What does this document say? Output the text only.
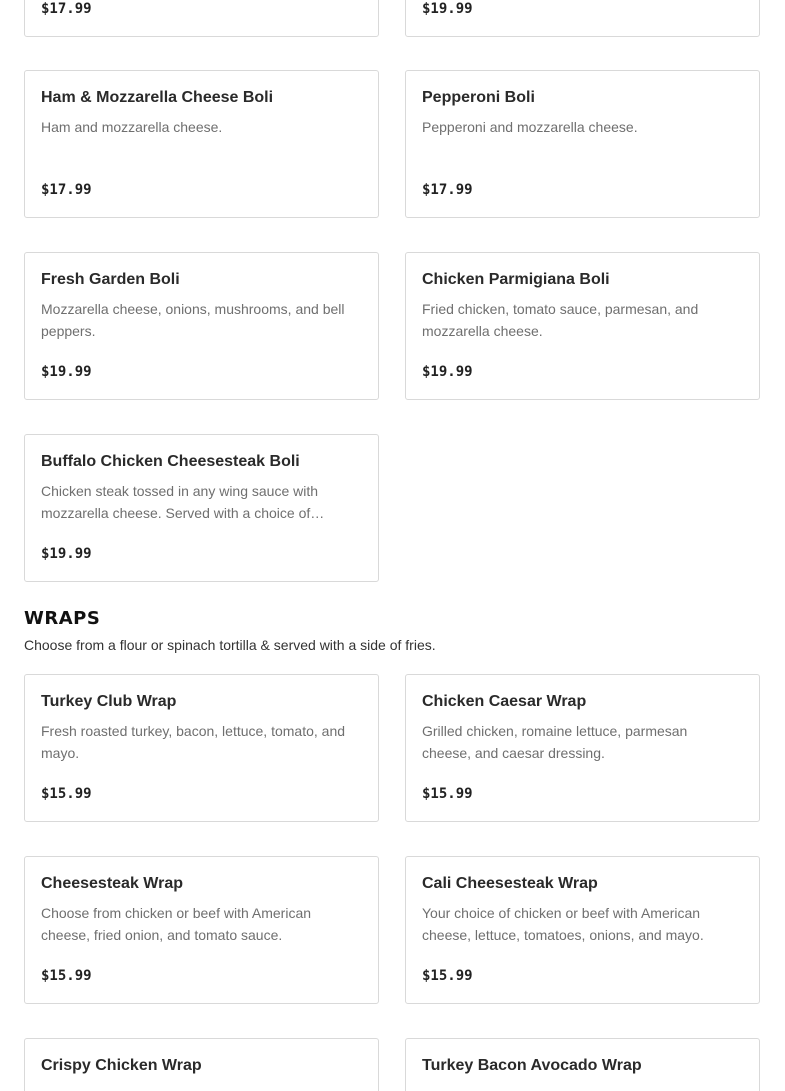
$17.99	$19.99
Ham & Mozzarella Cheese Boli
Ham and mozzarella cheese.
$17.99
Pepperoni Boli
Pepperoni and mozzarella cheese.
$17.99
Fresh Garden Boli
Mozzarella cheese, onions, mushrooms, and bell peppers.
$19.99
Chicken Parmigiana Boli
Fried chicken, tomato sauce, parmesan, and mozzarella cheese.
$19.99
Buffalo Chicken Cheesesteak Boli
Chicken steak tossed in any wing sauce with mozzarella cheese. Served with a choice of…
$19.99
WRAPS
Choose from a flour or spinach tortilla & served with a side of fries.
Turkey Club Wrap
Fresh roasted turkey, bacon, lettuce, tomato, and mayo.
$15.99
Chicken Caesar Wrap
Grilled chicken, romaine lettuce, parmesan cheese, and caesar dressing.
$15.99
Cheesesteak Wrap
Choose from chicken or beef with American cheese, fried onion, and tomato sauce.
$15.99
Cali Cheesesteak Wrap
Your choice of chicken or beef with American cheese, lettuce, tomatoes, onions, and mayo.
$15.99
Crispy Chicken Wrap	Turkey Bacon Avocado Wrap
